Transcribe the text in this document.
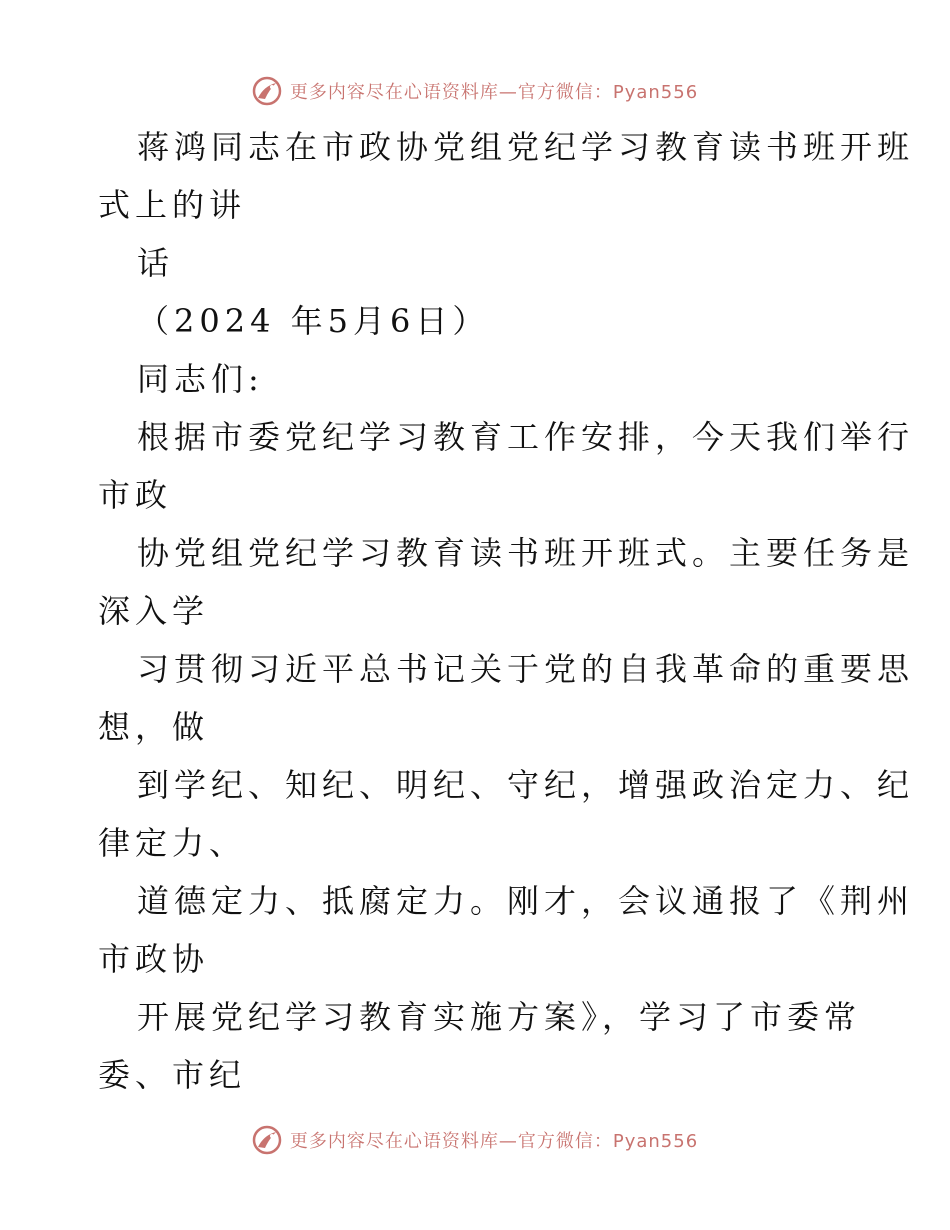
更多内容尽在心语资料库—官方微信：Pyan556
蒋鸿同志在市政协党组党纪学习教育读书班开班
式上的讲
话
（2024 年5月6日）
同志们:
根据市委党纪学习教育工作安排，今天我们举行
市政
协党组党纪学习教育读书班开班式。主要任务是
深入学
习贯彻习近平总书记关于党的自我革命的重要思
想，做
到学纪、知纪、明纪、守纪，增强政治定力、纪
律定力、
道德定力、抵腐定力。刚才，会议通报了《荆州
市政协
开展党纪学习教育实施方案》，学习了市委常
委、市纪
更多内容尽在心语资料库—官方微信：Pyan556
